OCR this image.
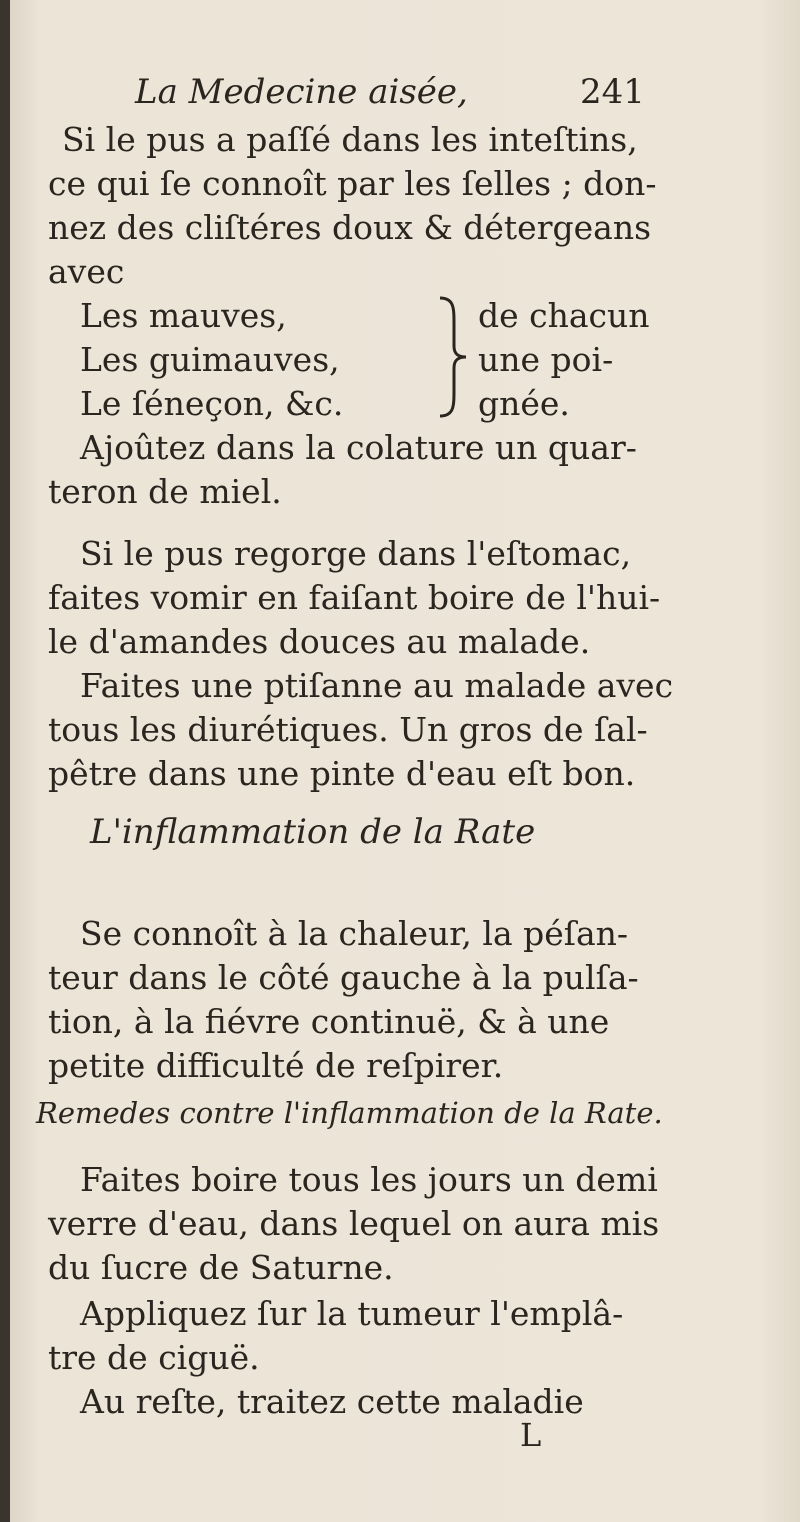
La Medecine aisée,	241
Si le pus a paſſé dans les inteſtins,
ce qui ſe connoît par les ſelles ; don-
nez des cliſtéres doux & détergeans
avec
Les mauves,
Les guimauves,
Le ſéneçon, &c.
de chacun
une poi-
gnée.
Ajoûtez dans la colature un quar-
teron de miel.
Si le pus regorge dans l'eſtomac,
faites vomir en faiſant boire de l'hui-
le d'amandes douces au malade.
Faites une ptiſanne au malade avec
tous les diurétiques. Un gros de ſal-
pêtre dans une pinte d'eau eſt bon.
L'inflammation de la Rate
Se connoît à la chaleur, la péſan-
teur dans le côté gauche à la pulſa-
tion, à la fiévre continuë, & à une
petite difficulté de reſpirer.
Remedes contre l'inflammation de la Rate.
Faites boire tous les jours un demi
verre d'eau, dans lequel on aura mis
du ſucre de Saturne.
Appliquez ſur la tumeur l'emplâ-
tre de ciguë.
Au reſte, traitez cette maladie
L
